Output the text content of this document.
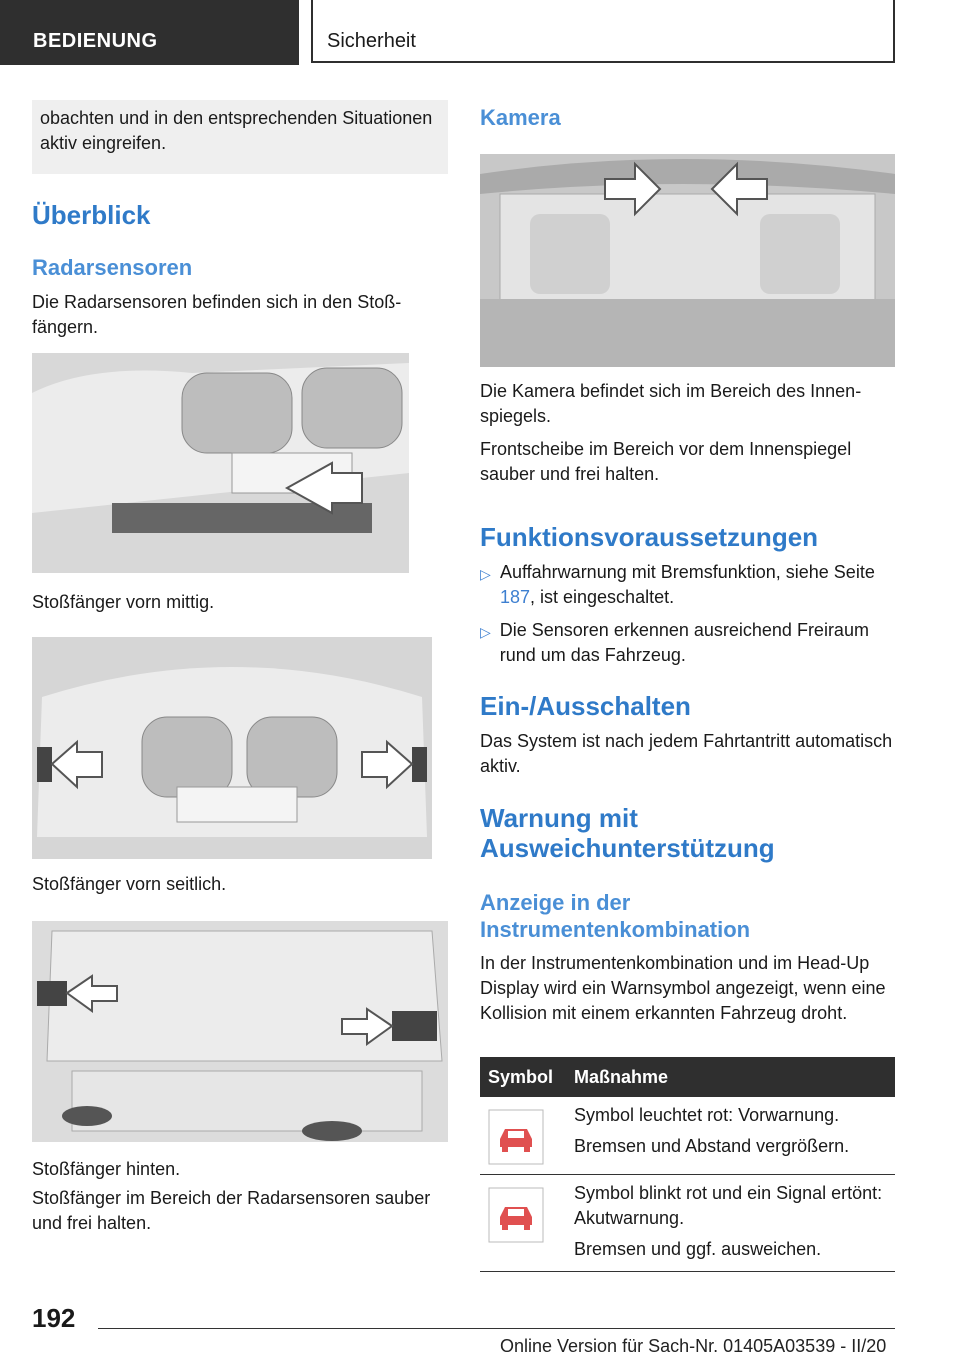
BEDIENUNG	Sicherheit
obachten und in den entsprechenden Situationen aktiv eingreifen.
Überblick
Radarsensoren
Die Radarsensoren befinden sich in den Stoßfängern.
Stoßfänger vorn mittig.
Stoßfänger vorn seitlich.
Stoßfänger hinten.
Stoßfänger im Bereich der Radarsensoren sauber und frei halten.
Kamera
Die Kamera befindet sich im Bereich des Innenspiegels.
Frontscheibe im Bereich vor dem Innenspiegel sauber und frei halten.
Funktionsvoraussetzungen
▷ Auffahrwarnung mit Bremsfunktion, siehe Seite 187, ist eingeschaltet.
▷ Die Sensoren erkennen ausreichend Freiraum rund um das Fahrzeug.
Ein-/Ausschalten
Das System ist nach jedem Fahrtantritt automatisch aktiv.
Warnung mit
Ausweichunterstützung
Anzeige in der
Instrumentenkombination
In der Instrumentenkombination und im Head-Up Display wird ein Warnsymbol angezeigt, wenn eine Kollision mit einem erkannten Fahrzeug droht.
Symbol	Maßnahme
Symbol leuchtet rot: Vorwarnung.
Bremsen und Abstand vergrößern.
Symbol blinkt rot und ein Signal ertönt: Akutwarnung.
Bremsen und ggf. ausweichen.
192
Online Version für Sach-Nr. 01405A03539 - II/20
